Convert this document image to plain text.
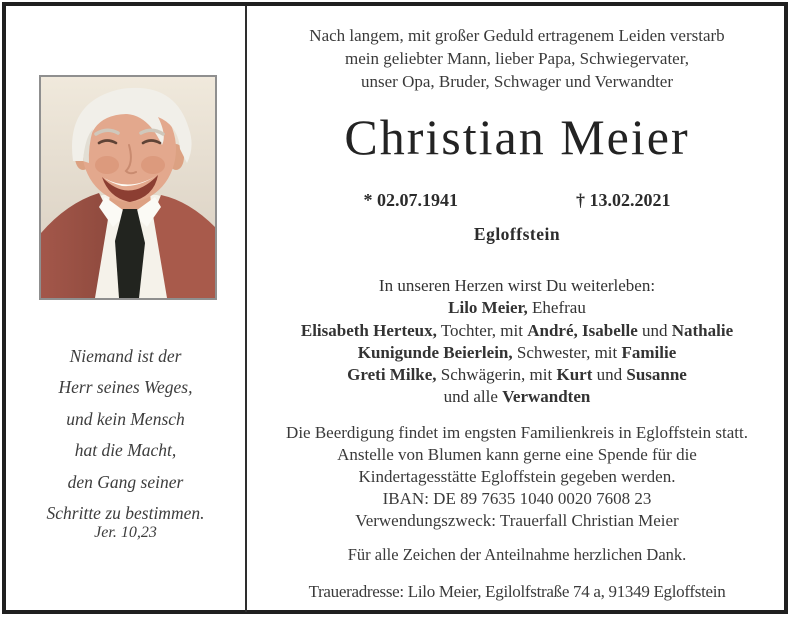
Niemand ist der
Herr seines Weges,
und kein Mensch
hat die Macht,
den Gang seiner
Schritte zu bestimmen.
Jer. 10,23
Nach langem, mit großer Geduld ertragenem Leiden verstarb
mein geliebter Mann, lieber Papa, Schwiegervater,
unser Opa, Bruder, Schwager und Verwandter
Christian Meier
* 02.07.1941	† 13.02.2021
Egloffstein
In unseren Herzen wirst Du weiterleben:
Lilo Meier, Ehefrau
Elisabeth Herteux, Tochter, mit André, Isabelle und Nathalie
Kunigunde Beierlein, Schwester, mit Familie
Greti Milke, Schwägerin, mit Kurt und Susanne
und alle Verwandten
Die Beerdigung findet im engsten Familienkreis in Egloffstein statt.
Anstelle von Blumen kann gerne eine Spende für die
Kindertagesstätte Egloffstein gegeben werden.
IBAN: DE 89 7635 1040 0020 7608 23
Verwendungszweck: Trauerfall Christian Meier
Für alle Zeichen der Anteilnahme herzlichen Dank.
Traueradresse: Lilo Meier, Egilolfstraße 74 a, 91349 Egloffstein
